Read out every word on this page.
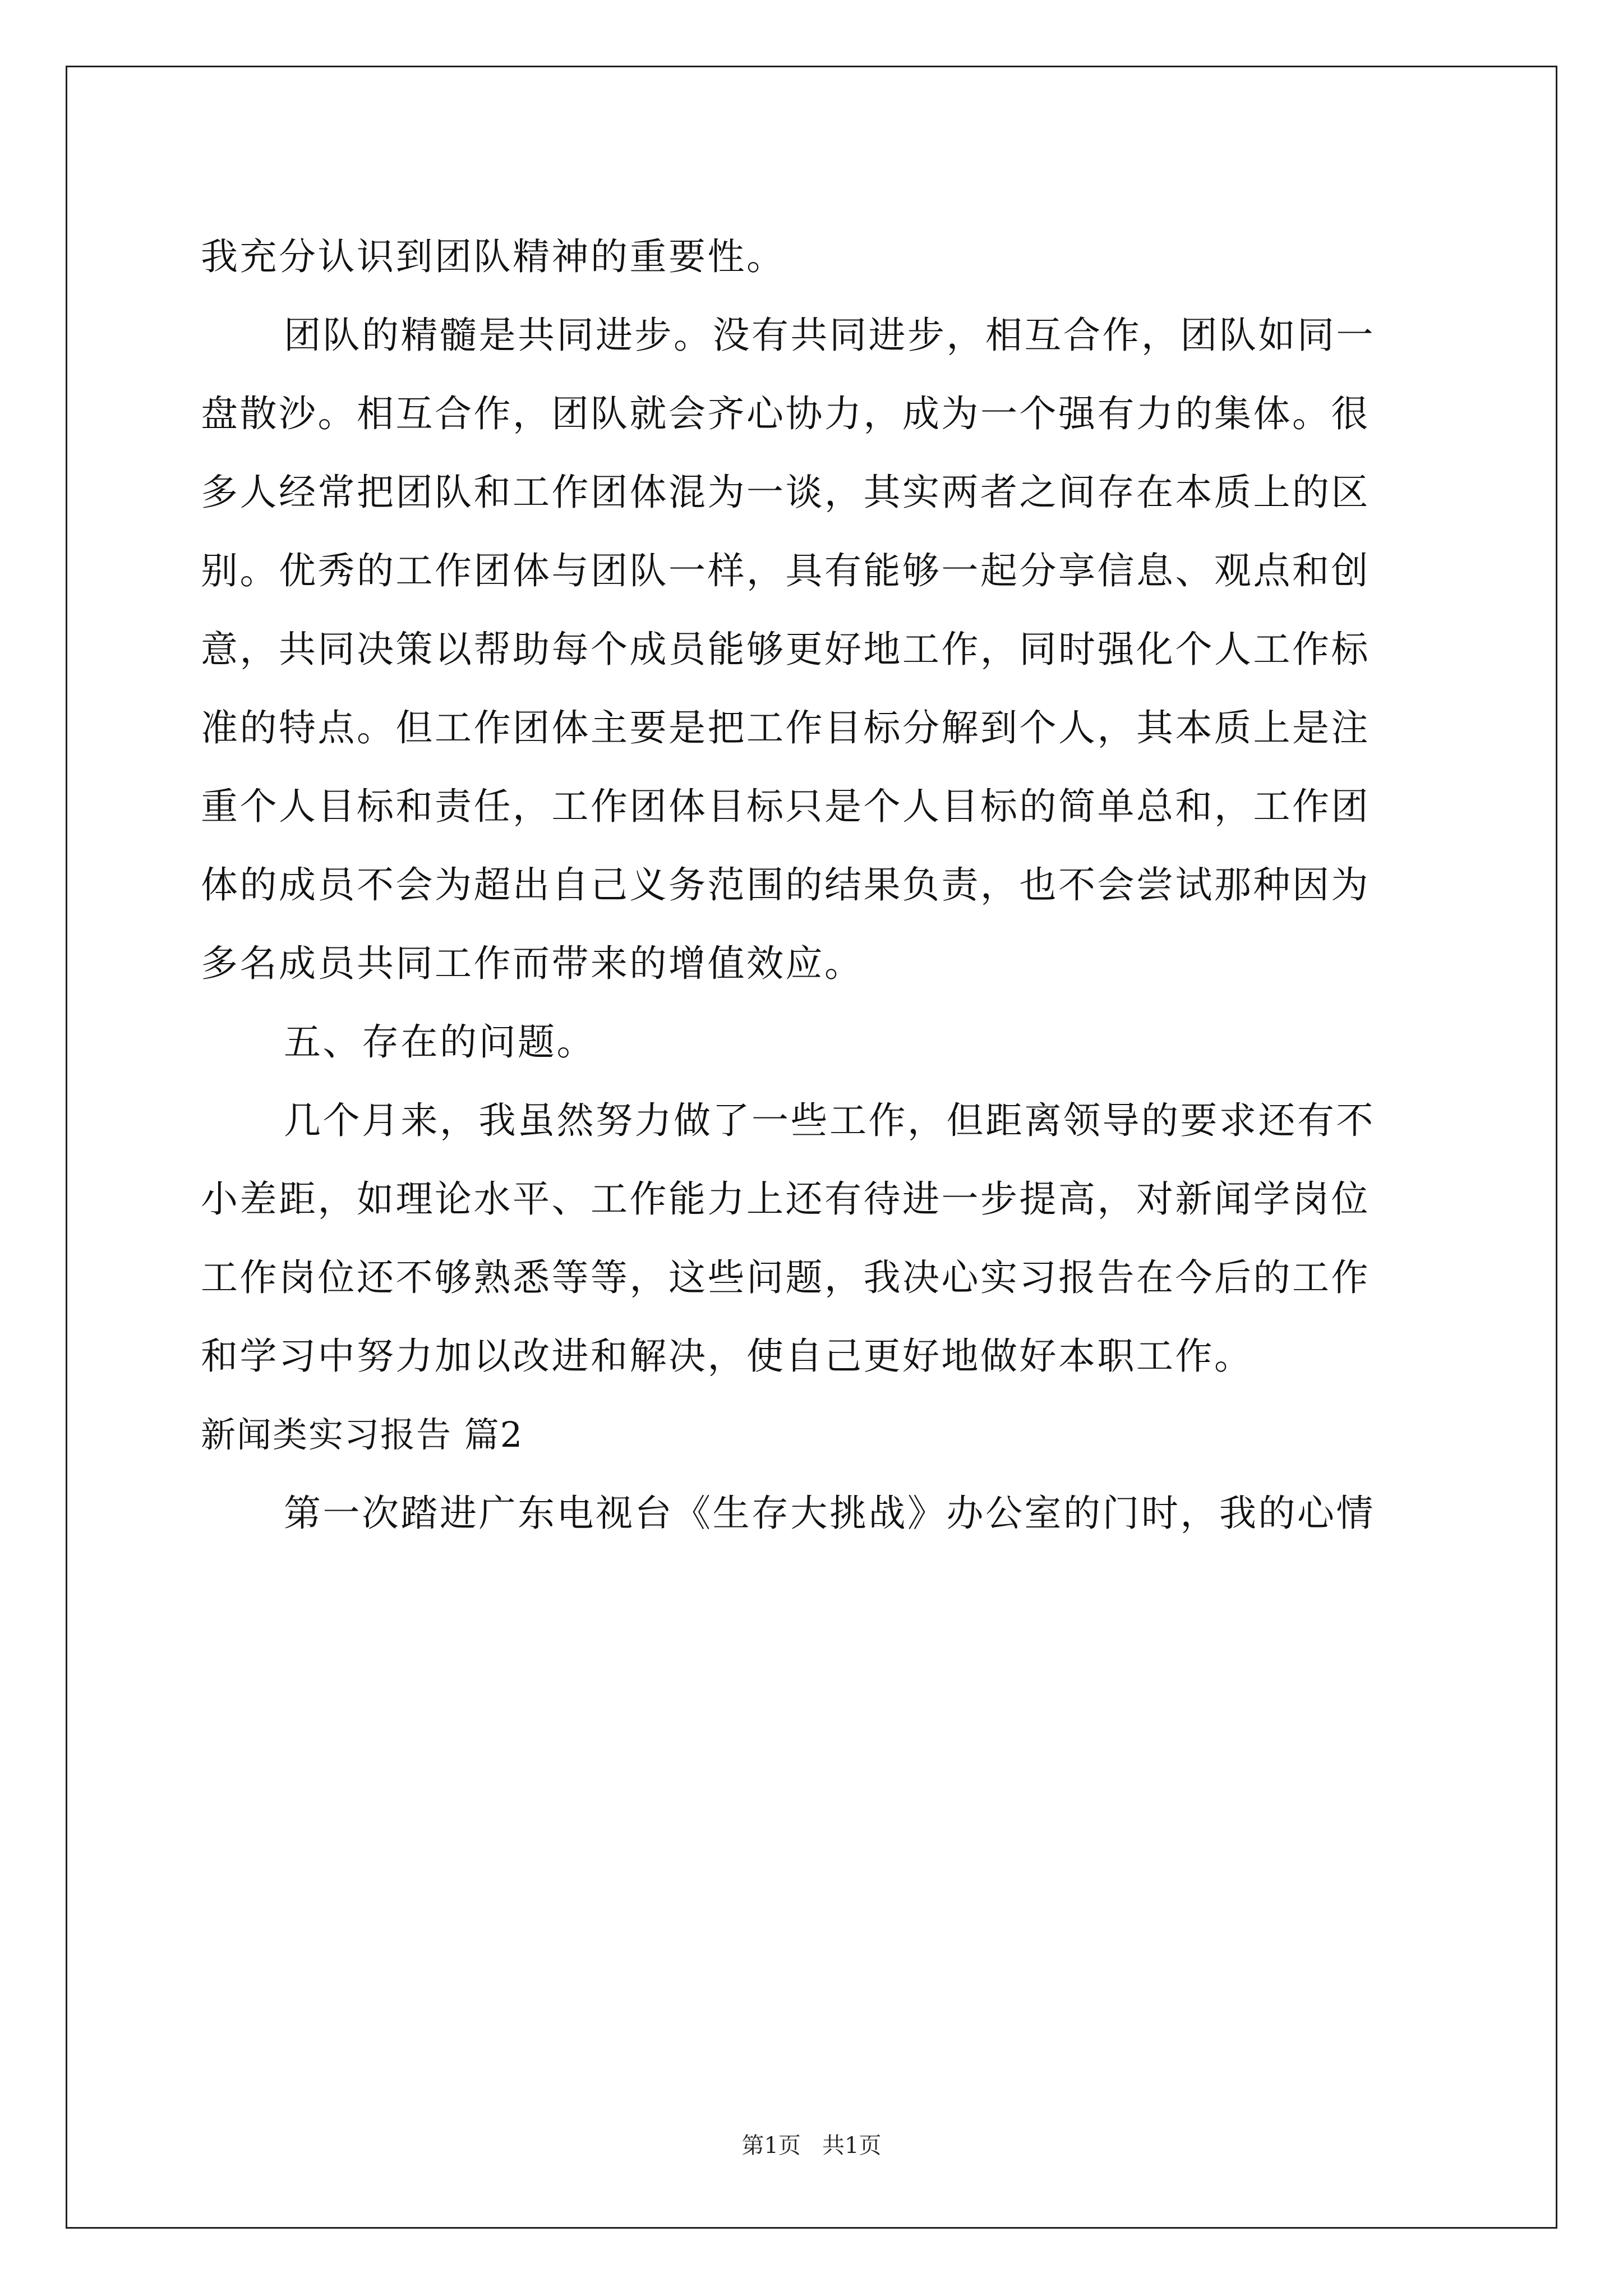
我充分认识到团队精神的重要性。
团队的精髓是共同进步。没有共同进步，相互合作，团队如同一
盘散沙。相互合作，团队就会齐心协力，成为一个强有力的集体。很
多人经常把团队和工作团体混为一谈，其实两者之间存在本质上的区
别。优秀的工作团体与团队一样，具有能够一起分享信息、观点和创
意，共同决策以帮助每个成员能够更好地工作，同时强化个人工作标
准的特点。但工作团体主要是把工作目标分解到个人，其本质上是注
重个人目标和责任，工作团体目标只是个人目标的简单总和，工作团
体的成员不会为超出自己义务范围的结果负责，也不会尝试那种因为
多名成员共同工作而带来的增值效应。
五、存在的问题。
几个月来，我虽然努力做了一些工作，但距离领导的要求还有不
小差距，如理论水平、工作能力上还有待进一步提高，对新闻学岗位
工作岗位还不够熟悉等等，这些问题，我决心实习报告在今后的工作
和学习中努力加以改进和解决，使自己更好地做好本职工作。
新闻类实习报告 篇2
第一次踏进广东电视台《生存大挑战》办公室的门时，我的心情
第1页   共1页
